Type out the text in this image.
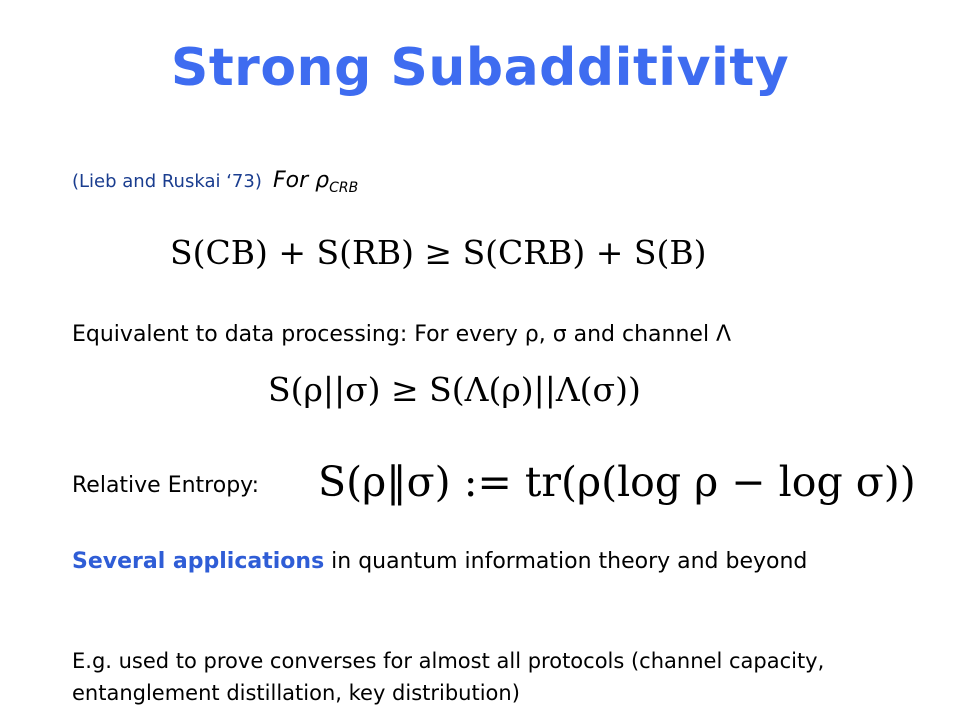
Strong Subadditivity
(Lieb and Ruskai ‘73) For $\rho_{CRB}$
S(CB) + S(RB) ≥ S(CRB) + S(B)
Equivalent to data processing: For every ρ, σ and channel Λ
S(ρ||σ) ≥ S(Λ(ρ)||Λ(σ))
Relative Entropy: S(ρ‖σ) := tr(ρ(log ρ − log σ))
Several applications in quantum information theory and beyond
E.g. used to prove converses for almost all protocols (channel capacity, entanglement distillation, key distribution)
